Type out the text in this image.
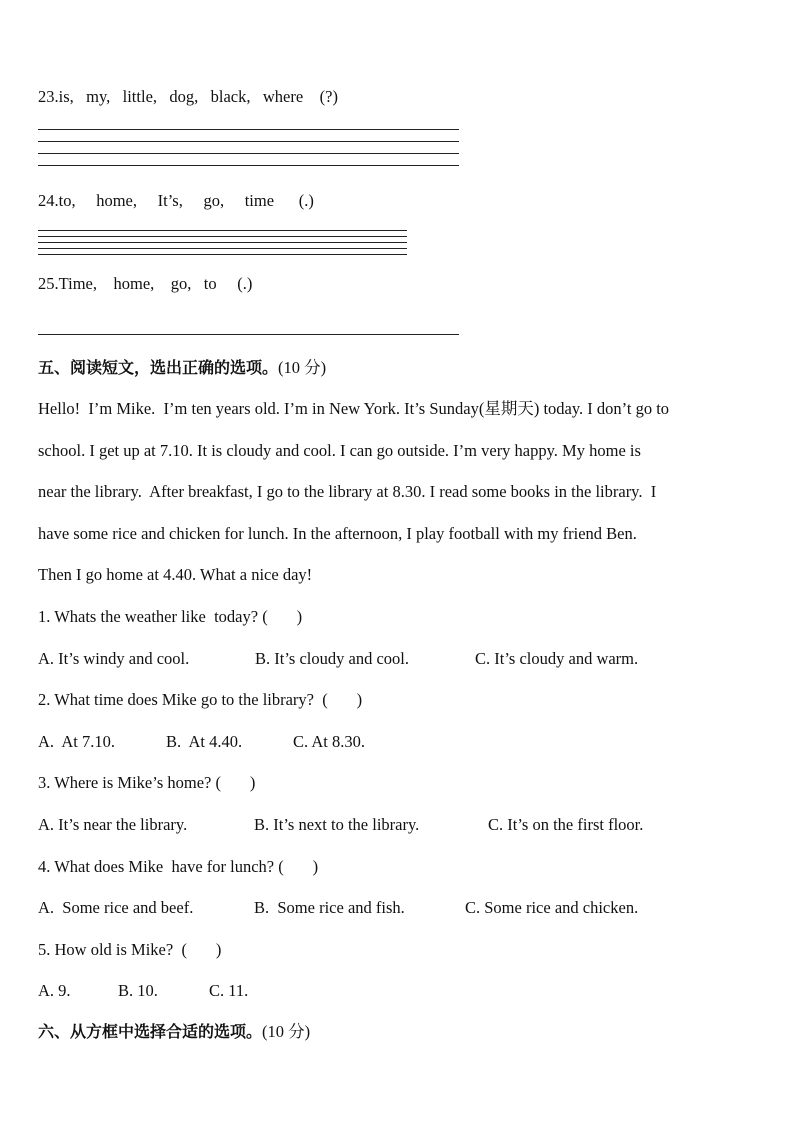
23.is,   my,   little,   dog,   black,   where    (?)
24.to,     home,     It’s,     go,     time      (.)
25.Time,    home,    go,   to     (.)
五、阅读短文，选出正确的选项。(10 分)
Hello!  I’m Mike.  I’m ten years old. I’m in New York. It’s Sunday(星期天) today. I don’t go to
school. I get up at 7.10. It is cloudy and cool. I can go outside. I’m very happy. My home is
near the library.  After breakfast, I go to the library at 8.30. I read some books in the library.  I
have some rice and chicken for lunch. In the afternoon, I play football with my friend Ben.
Then I go home at 4.40. What a nice day!
1. Whats the weather like  today? (       )
A. It’s windy and cool.	B. It’s cloudy and cool.	C. It’s cloudy and warm.
2. What time does Mike go to the library?  (       )
A.  At 7.10.	B.  At 4.40.	C. At 8.30.
3. Where is Mike’s home? (       )
A. It’s near the library.	B. It’s next to the library.	C. It’s on the first floor.
4. What does Mike  have for lunch? (       )
A.  Some rice and beef.	B.  Some rice and fish.	C. Some rice and chicken.
5. How old is Mike?  (       )
A. 9.	B. 10.	C. 11.
六、从方框中选择合适的选项。(10 分)
